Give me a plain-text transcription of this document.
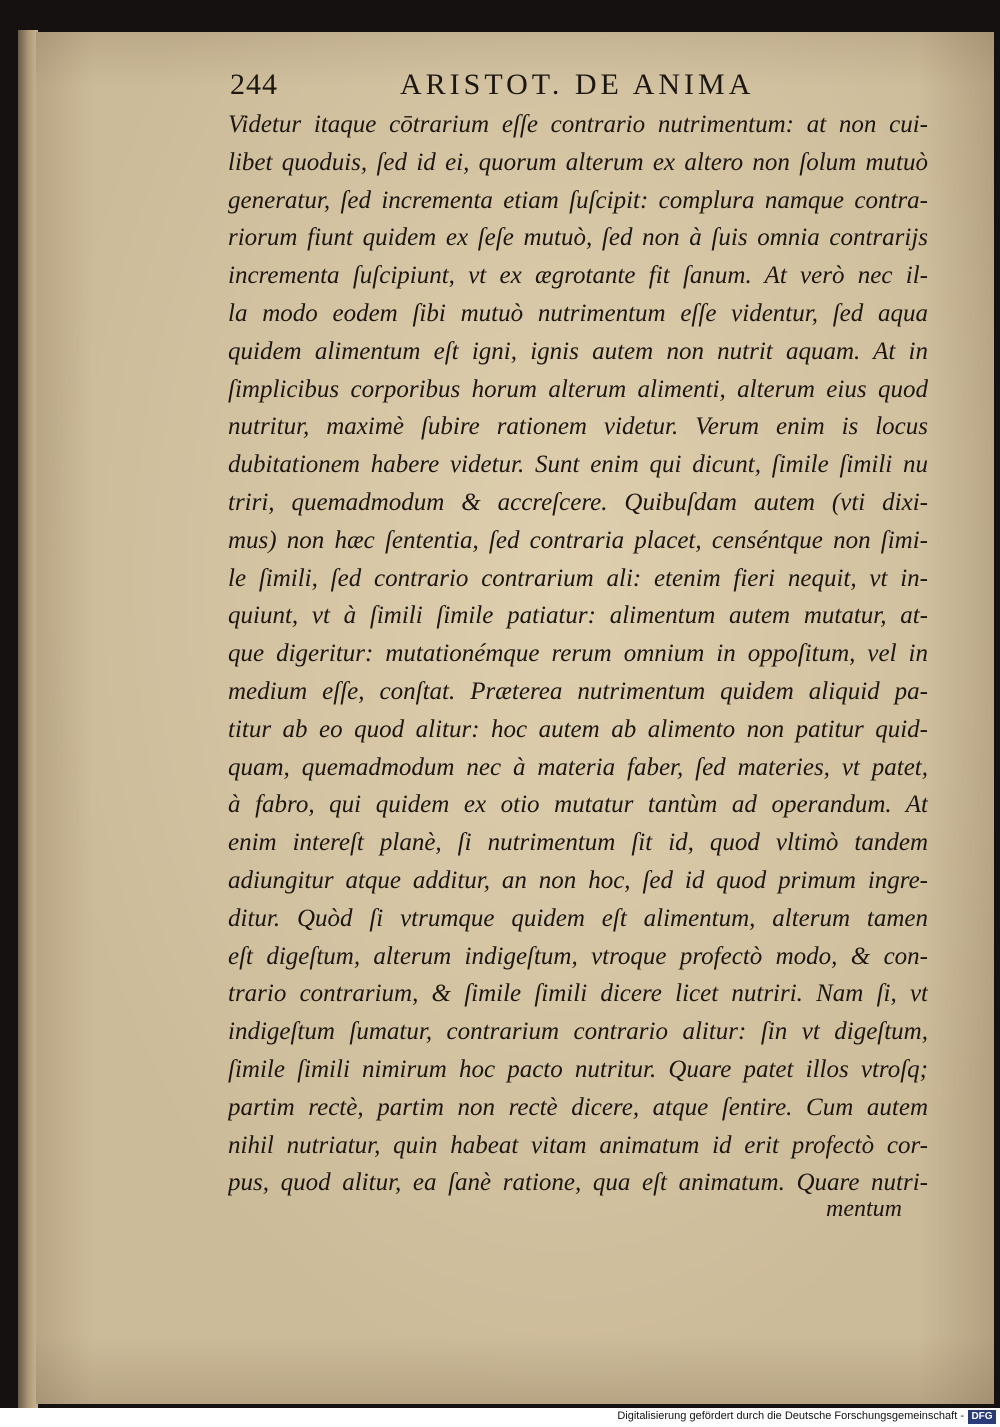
244	ARISTOT. DE ANIMA
Videtur itaque cōtrarium eſſe contrario nutrimentum: at non cui-
libet quoduis, ſed id ei, quorum alterum ex altero non ſolum mutuò
generatur, ſed incrementa etiam ſuſcipit: complura namque contra-
riorum fiunt quidem ex ſeſe mutuò, ſed non à ſuis omnia contrarijs
incrementa ſuſcipiunt, vt ex ægrotante fit ſanum. At verò nec il-
la modo eodem ſibi mutuò nutrimentum eſſe videntur, ſed aqua
quidem alimentum eſt igni, ignis autem non nutrit aquam. At in
ſimplicibus corporibus horum alterum alimenti, alterum eius quod
nutritur, maximè ſubire rationem videtur. Verum enim is locus
dubitationem habere videtur. Sunt enim qui dicunt, ſimile ſimili nu
triri, quemadmodum & accreſcere. Quibuſdam autem (vti dixi-
mus) non hæc ſententia, ſed contraria placet, censéntque non ſimi-
le ſimili, ſed contrario contrarium ali: etenim fieri nequit, vt in-
quiunt, vt à ſimili ſimile patiatur: alimentum autem mutatur, at-
que digeritur: mutationémque rerum omnium in oppoſitum, vel in
medium eſſe, conſtat. Præterea nutrimentum quidem aliquid pa-
titur ab eo quod alitur: hoc autem ab alimento non patitur quid-
quam, quemadmodum nec à materia faber, ſed materies, vt patet,
à fabro, qui quidem ex otio mutatur tantùm ad operandum. At
enim intereſt planè, ſi nutrimentum ſit id, quod vltimò tandem
adiungitur atque additur, an non hoc, ſed id quod primum ingre-
ditur. Quòd ſi vtrumque quidem eſt alimentum, alterum tamen
eſt digeſtum, alterum indigeſtum, vtroque profectò modo, & con-
trario contrarium, & ſimile ſimili dicere licet nutriri. Nam ſi, vt
indigeſtum ſumatur, contrarium contrario alitur: ſin vt digeſtum,
ſimile ſimili nimirum hoc pacto nutritur. Quare patet illos vtroſq;
partim rectè, partim non rectè dicere, atque ſentire. Cum autem
nihil nutriatur, quin habeat vitam animatum id erit profectò cor-
pus, quod alitur, ea ſanè ratione, qua eſt animatum. Quare nutri-
mentum
Digitalisierung gefördert durch die Deutsche Forschungsgemeinschaft - DFG
